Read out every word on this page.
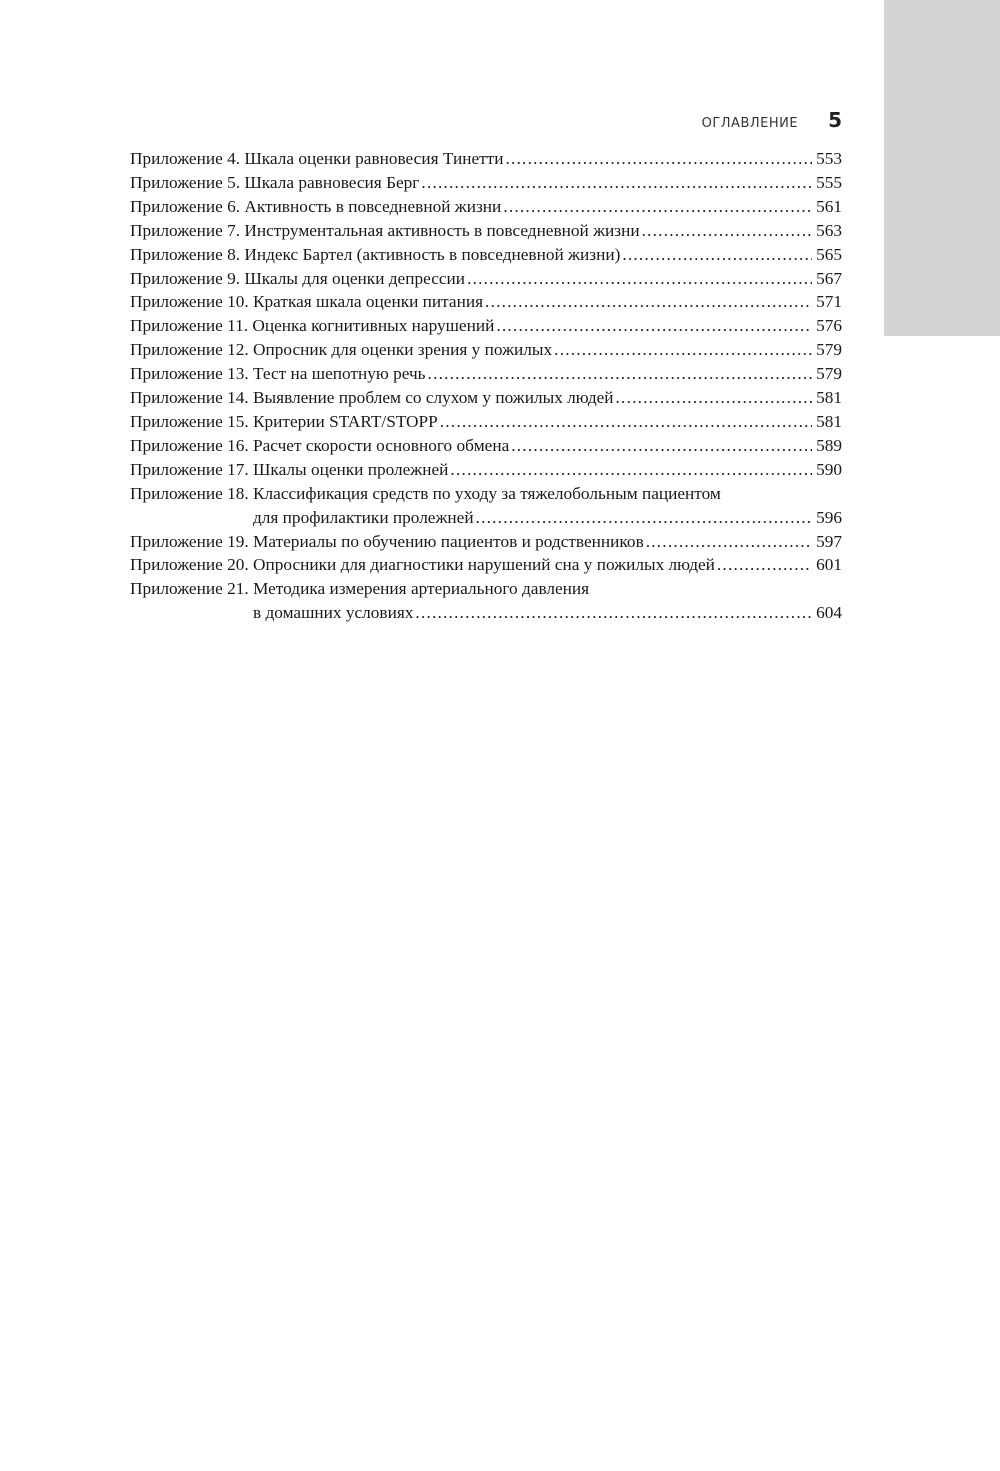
ОГЛАВЛЕНИЕ 5
Приложение 4. Шкала оценки равновесия Тинетти .....	553
Приложение 5. Шкала равновесия Берг .....	555
Приложение 6. Активность в повседневной жизни .....	561
Приложение 7. Инструментальная активность в повседневной жизни .....	563
Приложение 8. Индекс Бартел (активность в повседневной жизни) .....	565
Приложение 9. Шкалы для оценки депрессии .....	567
Приложение 10. Краткая шкала оценки питания .....	571
Приложение 11. Оценка когнитивных нарушений .....	576
Приложение 12. Опросник для оценки зрения у пожилых .....	579
Приложение 13. Тест на шепотную речь .....	579
Приложение 14. Выявление проблем со слухом у пожилых людей .....	581
Приложение 15. Критерии START/STOPP .....	581
Приложение 16. Расчет скорости основного обмена .....	589
Приложение 17. Шкалы оценки пролежней .....	590
Приложение 18. Классификация средств по уходу за тяжелобольным пациентом
для профилактики пролежней .....	596
Приложение 19. Материалы по обучению пациентов и родственников .....	597
Приложение 20. Опросники для диагностики нарушений сна у пожилых людей .....	601
Приложение 21. Методика измерения артериального давления
в домашних условиях .....	604
